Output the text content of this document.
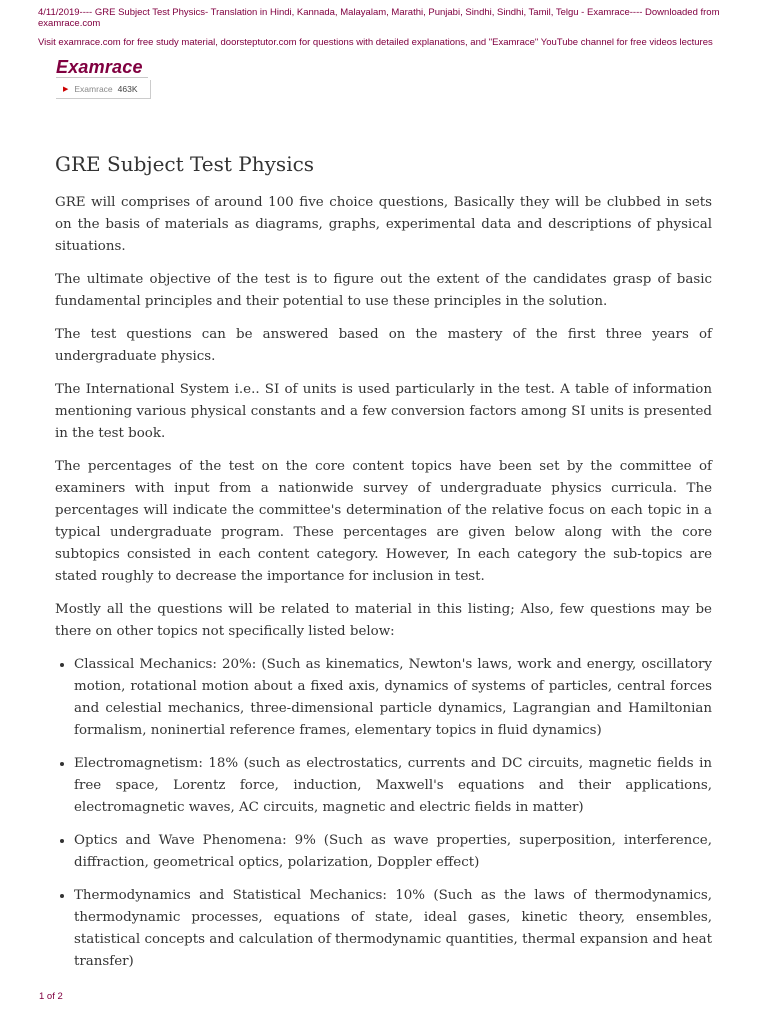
4/11/2019---- GRE Subject Test Physics- Translation in Hindi, Kannada, Malayalam, Marathi, Punjabi, Sindhi, Sindhi, Tamil, Telgu - Examrace---- Downloaded from examrace.com
Visit examrace.com for free study material, doorsteptutor.com for questions with detailed explanations, and "Examrace" YouTube channel for free videos lectures
Examrace
▶ Examrace 463K
GRE Subject Test Physics

GRE will comprises of around 100 five choice questions, Basically they will be clubbed in sets on the basis of materials as diagrams, graphs, experimental data and descriptions of physical situations.

The ultimate objective of the test is to figure out the extent of the candidates grasp of basic fundamental principles and their potential to use these principles in the solution.

The test questions can be answered based on the mastery of the first three years of undergraduate physics.

The International System i.e.. SI of units is used particularly in the test. A table of information mentioning various physical constants and a few conversion factors among SI units is presented in the test book.

The percentages of the test on the core content topics have been set by the committee of examiners with input from a nationwide survey of undergraduate physics curricula. The percentages will indicate the committee's determination of the relative focus on each topic in a typical undergraduate program. These percentages are given below along with the core subtopics consisted in each content category. However, In each category the sub-topics are stated roughly to decrease the importance for inclusion in test.

Mostly all the questions will be related to material in this listing; Also, few questions may be there on other topics not specifically listed below:

• Classical Mechanics: 20%: (Such as kinematics, Newton's laws, work and energy, oscillatory motion, rotational motion about a fixed axis, dynamics of systems of particles, central forces and celestial mechanics, three-dimensional particle dynamics, Lagrangian and Hamiltonian formalism, noninertial reference frames, elementary topics in fluid dynamics)
• Electromagnetism: 18% (such as electrostatics, currents and DC circuits, magnetic fields in free space, Lorentz force, induction, Maxwell's equations and their applications, electromagnetic waves, AC circuits, magnetic and electric fields in matter)
• Optics and Wave Phenomena: 9% (Such as wave properties, superposition, interference, diffraction, geometrical optics, polarization, Doppler effect)
• Thermodynamics and Statistical Mechanics: 10% (Such as the laws of thermodynamics, thermodynamic processes, equations of state, ideal gases, kinetic theory, ensembles, statistical concepts and calculation of thermodynamic quantities, thermal expansion and heat transfer)
1 of 2
